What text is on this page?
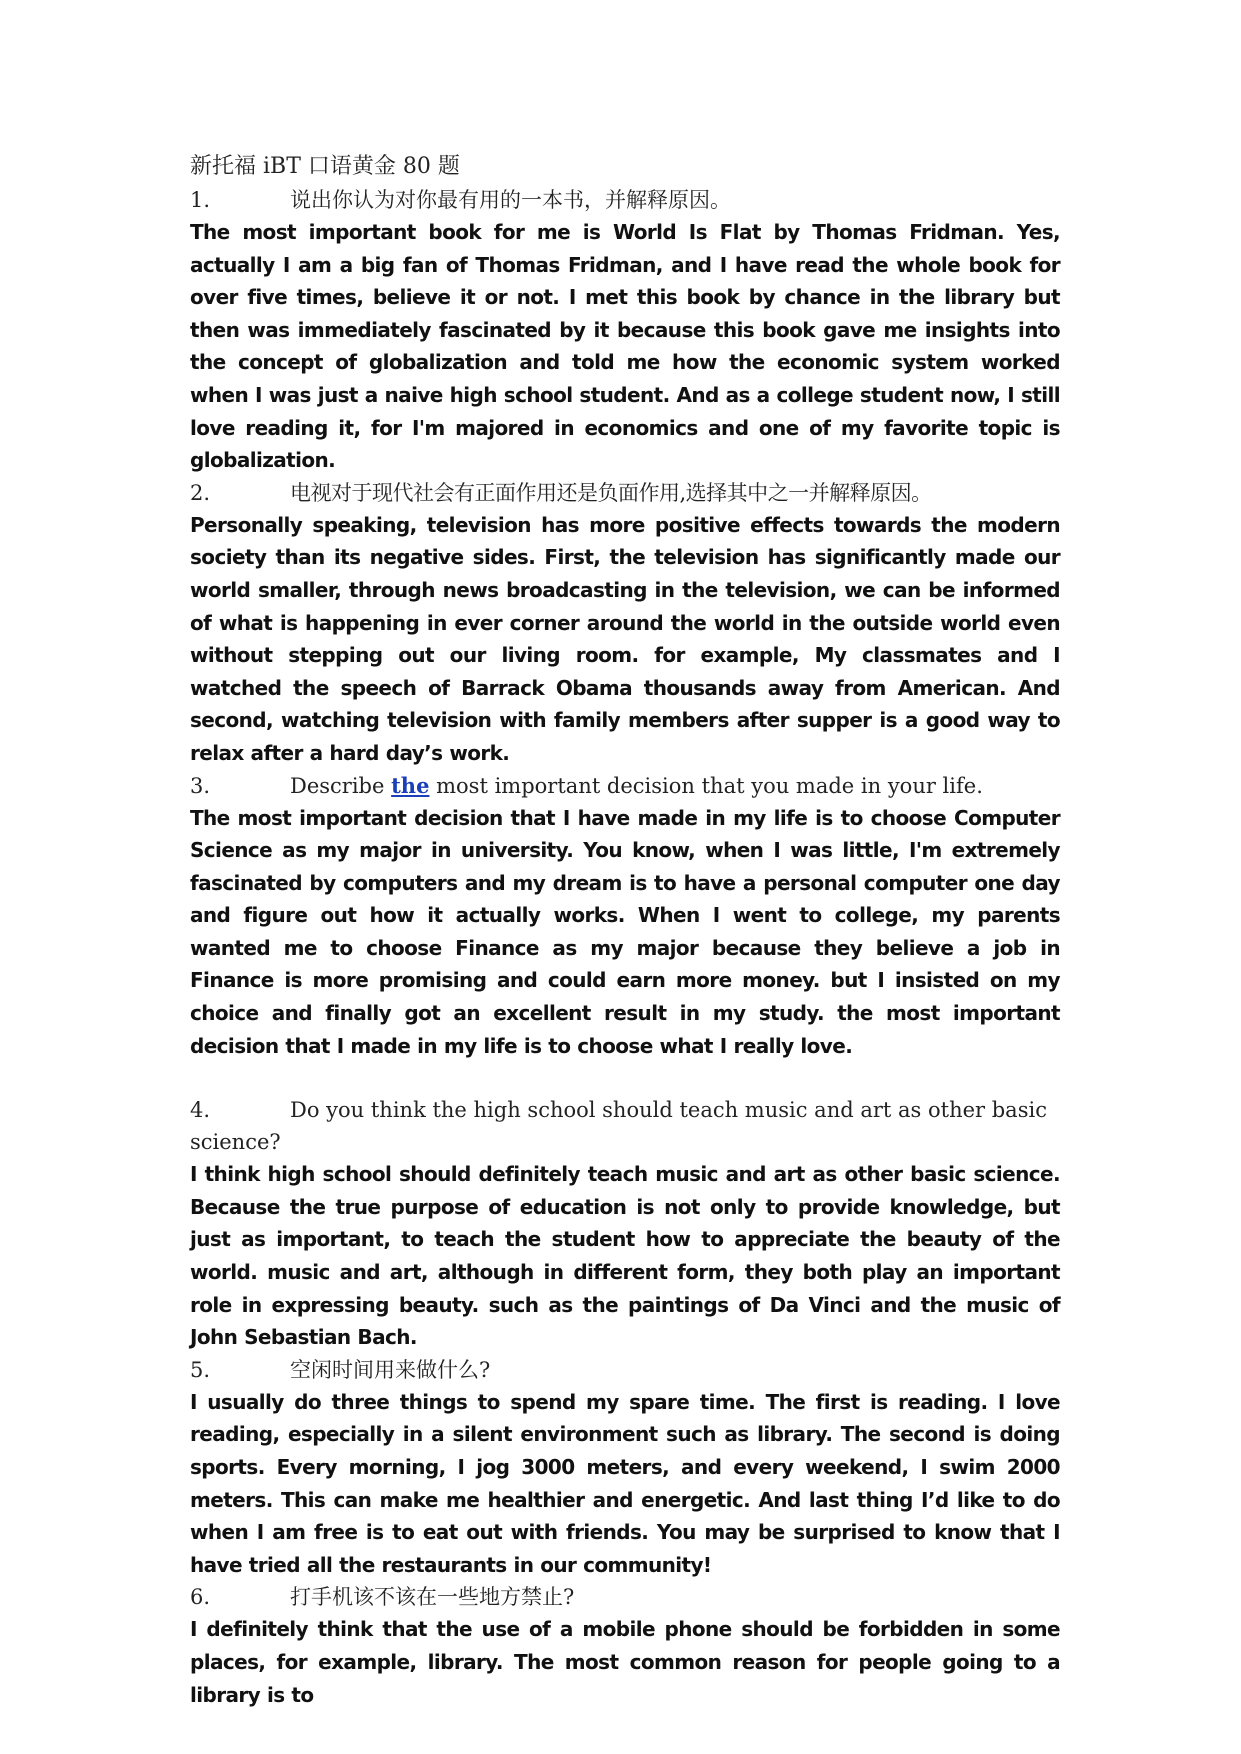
新托福 iBT 口语黄金 80 题
1.	说出你认为对你最有用的一本书，并解释原因。

The most important book for me is World Is Flat by Thomas Fridman. Yes, actually I am a big fan of Thomas Fridman, and I have read the whole book for over five times, believe it or not. I met this book by chance in the library but then was immediately fascinated by it because this book gave me insights into the concept of globalization and told me how the economic system worked when I was just a naive high school student. And as a college student now, I still love reading it, for I'm majored in economics and one of my favorite topic is globalization.

2.	电视对于现代社会有正面作用还是负面作用,选择其中之一并解释原因。

Personally speaking, television has more positive effects towards the modern society than its negative sides. First, the television has significantly made our world smaller, through news broadcasting in the television, we can be informed of what is happening in ever corner around the world in the outside world even without stepping out our living room. for example, My classmates and I watched the speech of Barrack Obama thousands away from American. And second, watching television with family members after supper is a good way to relax after a hard day’s work.

3.	Describe the most important decision that you made in your life.

The most important decision that I have made in my life is to choose Computer Science as my major in university. You know, when I was little, I'm extremely fascinated by computers and my dream is to have a personal computer one day and figure out how it actually works. When I went to college, my parents wanted me to choose Finance as my major because they believe a job in Finance is more promising and could earn more money. but I insisted on my choice and finally got an excellent result in my study. the most important decision that I made in my life is to choose what I really love.

4.	Do you think the high school should teach music and art as other basic science?

I think high school should definitely teach music and art as other basic science. Because the true purpose of education is not only to provide knowledge, but just as important, to teach the student how to appreciate the beauty of the world. music and art, although in different form, they both play an important role in expressing beauty. such as the paintings of Da Vinci and the music of John Sebastian Bach.

5.	空闲时间用来做什么?

I usually do three things to spend my spare time. The first is reading. I love reading, especially in a silent environment such as library. The second is doing sports. Every morning, I jog 3000 meters, and every weekend, I swim 2000 meters. This can make me healthier and energetic. And last thing I’d like to do when I am free is to eat out with friends. You may be surprised to know that I have tried all the restaurants in our community!

6.	打手机该不该在一些地方禁止?

I definitely think that the use of a mobile phone should be forbidden in some places, for example, library. The most common reason for people going to a library is to
